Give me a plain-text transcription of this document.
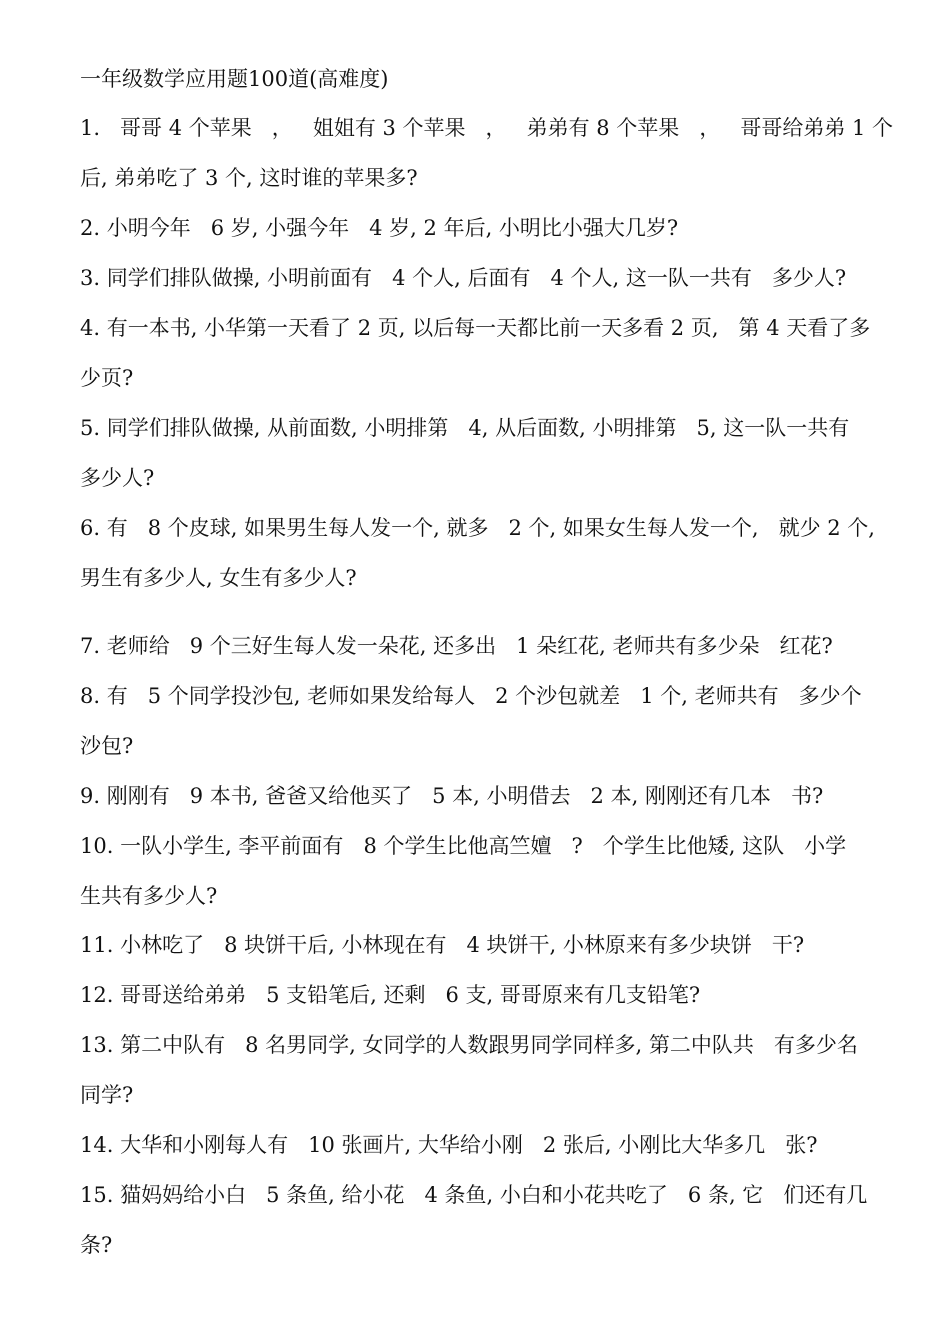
一年级数学应用题100道(高难度)
1.   哥哥 4 个苹果   ，   姐姐有 3 个苹果   ，   弟弟有 8 个苹果   ，   哥哥给弟弟 1 个
后, 弟弟吃了 3 个, 这时谁的苹果多?
2. 小明今年   6 岁, 小强今年   4 岁, 2 年后, 小明比小强大几岁?
3. 同学们排队做操, 小明前面有   4 个人, 后面有   4 个人, 这一队一共有   多少人?
4. 有一本书, 小华第一天看了 2 页, 以后每一天都比前一天多看 2 页,   第 4 天看了多
少页?
5. 同学们排队做操, 从前面数, 小明排第   4, 从后面数, 小明排第   5, 这一队一共有
多少人?
6. 有   8 个皮球, 如果男生每人发一个, 就多   2 个, 如果女生每人发一个,   就少 2 个,
男生有多少人, 女生有多少人?
7. 老师给   9 个三好生每人发一朵花, 还多出   1 朵红花, 老师共有多少朵   红花?
8. 有   5 个同学投沙包, 老师如果发给每人   2 个沙包就差   1 个, 老师共有   多少个
沙包?
9. 刚刚有   9 本书, 爸爸又给他买了   5 本, 小明借去   2 本, 刚刚还有几本   书?
10. 一队小学生, 李平前面有   8 个学生比他高竺嬗   ?   个学生比他矮, 这队   小学
生共有多少人?
11. 小林吃了   8 块饼干后, 小林现在有   4 块饼干, 小林原来有多少块饼   干?
12. 哥哥送给弟弟   5 支铅笔后, 还剩   6 支, 哥哥原来有几支铅笔?
13. 第二中队有   8 名男同学, 女同学的人数跟男同学同样多, 第二中队共   有多少名
同学?
14. 大华和小刚每人有   10 张画片, 大华给小刚   2 张后, 小刚比大华多几   张?
15. 猫妈妈给小白   5 条鱼, 给小花   4 条鱼, 小白和小花共吃了   6 条, 它   们还有几
条?
